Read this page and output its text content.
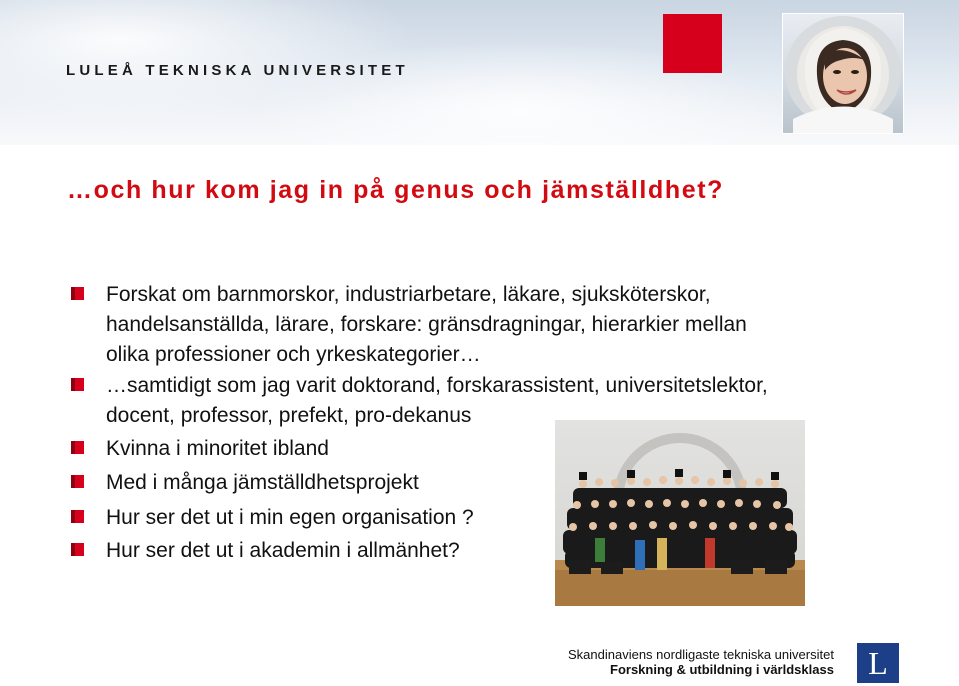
LULEÅ TEKNISKA UNIVERSITET
…och hur kom jag in på genus och jämställdhet?
Forskat om barnmorskor, industriarbetare, läkare, sjuksköterskor,
handelsanställda, lärare, forskare: gränsdragningar, hierarkier mellan
olika professioner och yrkeskategorier…
…samtidigt som jag varit doktorand, forskarassistent, universitetslektor,
docent, professor, prefekt, pro-dekanus
Kvinna i minoritet ibland
Med i många jämställdhetsprojekt
Hur ser det ut i min egen organisation ?
Hur ser det ut i akademin i allmänhet?
Skandinaviens nordligaste tekniska universitet
Forskning & utbildning i världsklass	L
